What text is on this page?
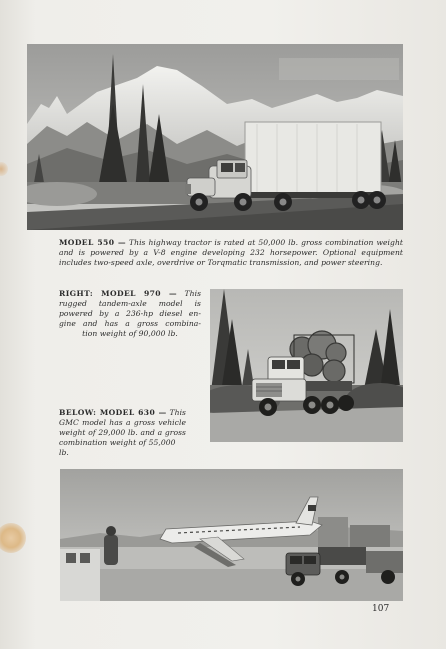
MODEL 550 — This highway tractor is rated at 50,000 lb. gross combination weight
and is powered by a V-8 engine developing 232 horsepower. Optional equipment
includes two-speed axle, overdrive or Torqmatic transmission, and power steering.
RIGHT: MODEL 970 — This
rugged tandem-axle model is
powered by a 236-hp diesel en-
gine and has a gross combina-
tion weight of 90,000 lb.
BELOW: MODEL 630 — This
GMC model has a gross vehicle
weight of 29,000 lb. and a gross
combination weight of 55,000 lb.
107
